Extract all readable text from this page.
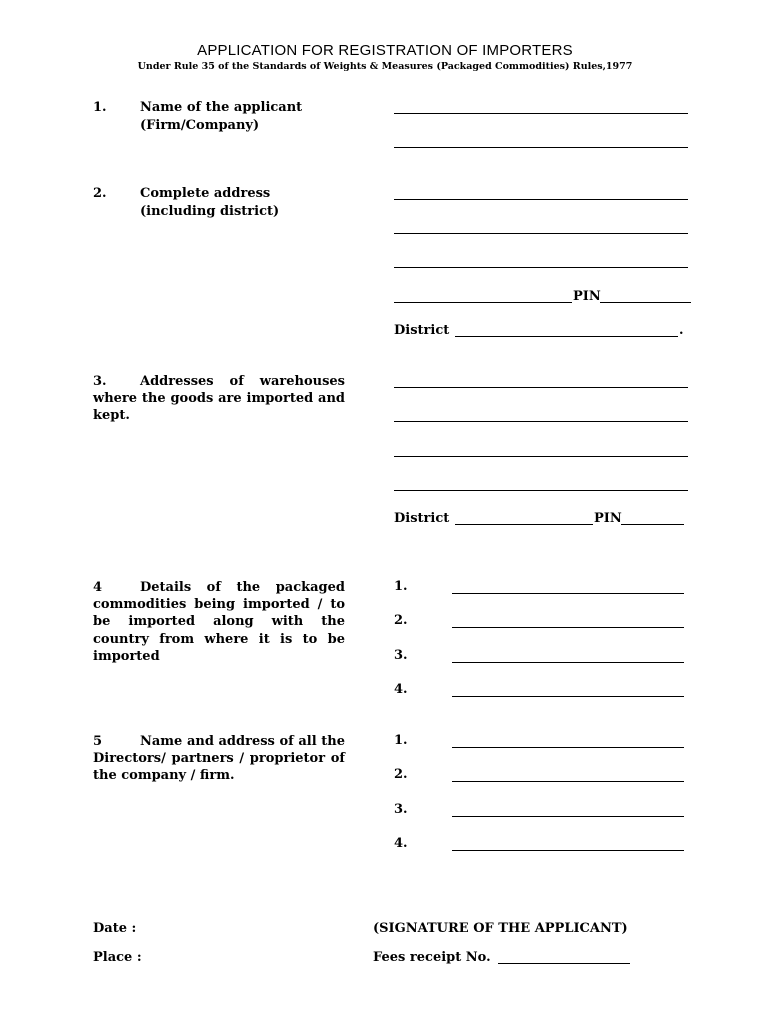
APPLICATION FOR REGISTRATION OF IMPORTERS
Under Rule 35 of the Standards of Weights & Measures (Packaged Commodities) Rules,1977
1.	Name of the applicant
(Firm/Company)
2.	Complete address
(including district)
PIN
District	.
3.	Addresses of warehouses where the goods are imported and kept.
District	PIN
4	Details of the packaged commodities being imported / to be imported along with the country from where it is to be imported
1.
2.
3.
4.
5	Name and address of all the Directors/ partners / proprietor of the company / firm.
1.
2.
3.
4.
Date :
Place :
(SIGNATURE OF THE APPLICANT)
Fees receipt No.
